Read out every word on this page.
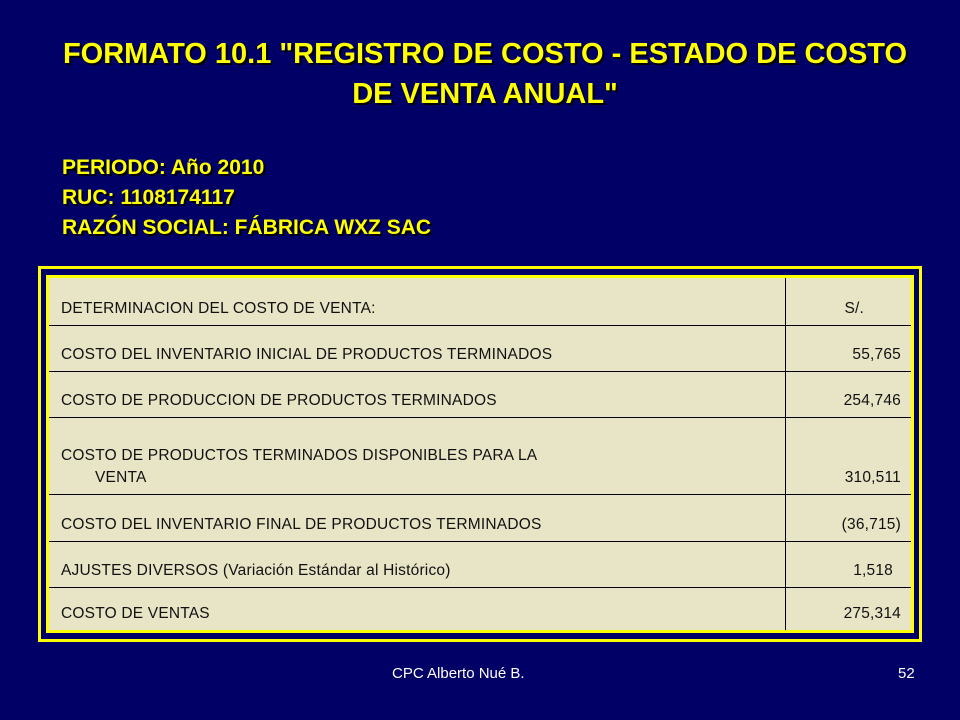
FORMATO 10.1 "REGISTRO DE COSTO - ESTADO DE COSTO DE VENTA ANUAL"
PERIODO: Año 2010
RUC: 1108174117
RAZÓN SOCIAL: FÁBRICA WXZ SAC
DETERMINACION DEL COSTO DE VENTA:	S/.
COSTO DEL INVENTARIO INICIAL DE PRODUCTOS TERMINADOS	55,765
COSTO DE PRODUCCION DE PRODUCTOS TERMINADOS	254,746

COSTO DE PRODUCTOS TERMINADOS DISPONIBLES PARA LA
VENTA	310,511
COSTO DEL INVENTARIO FINAL DE PRODUCTOS TERMINADOS	(36,715)
AJUSTES DIVERSOS (Variación Estándar al Histórico)	1,518
COSTO DE VENTAS	275,314
CPC Alberto Nué B.	52
